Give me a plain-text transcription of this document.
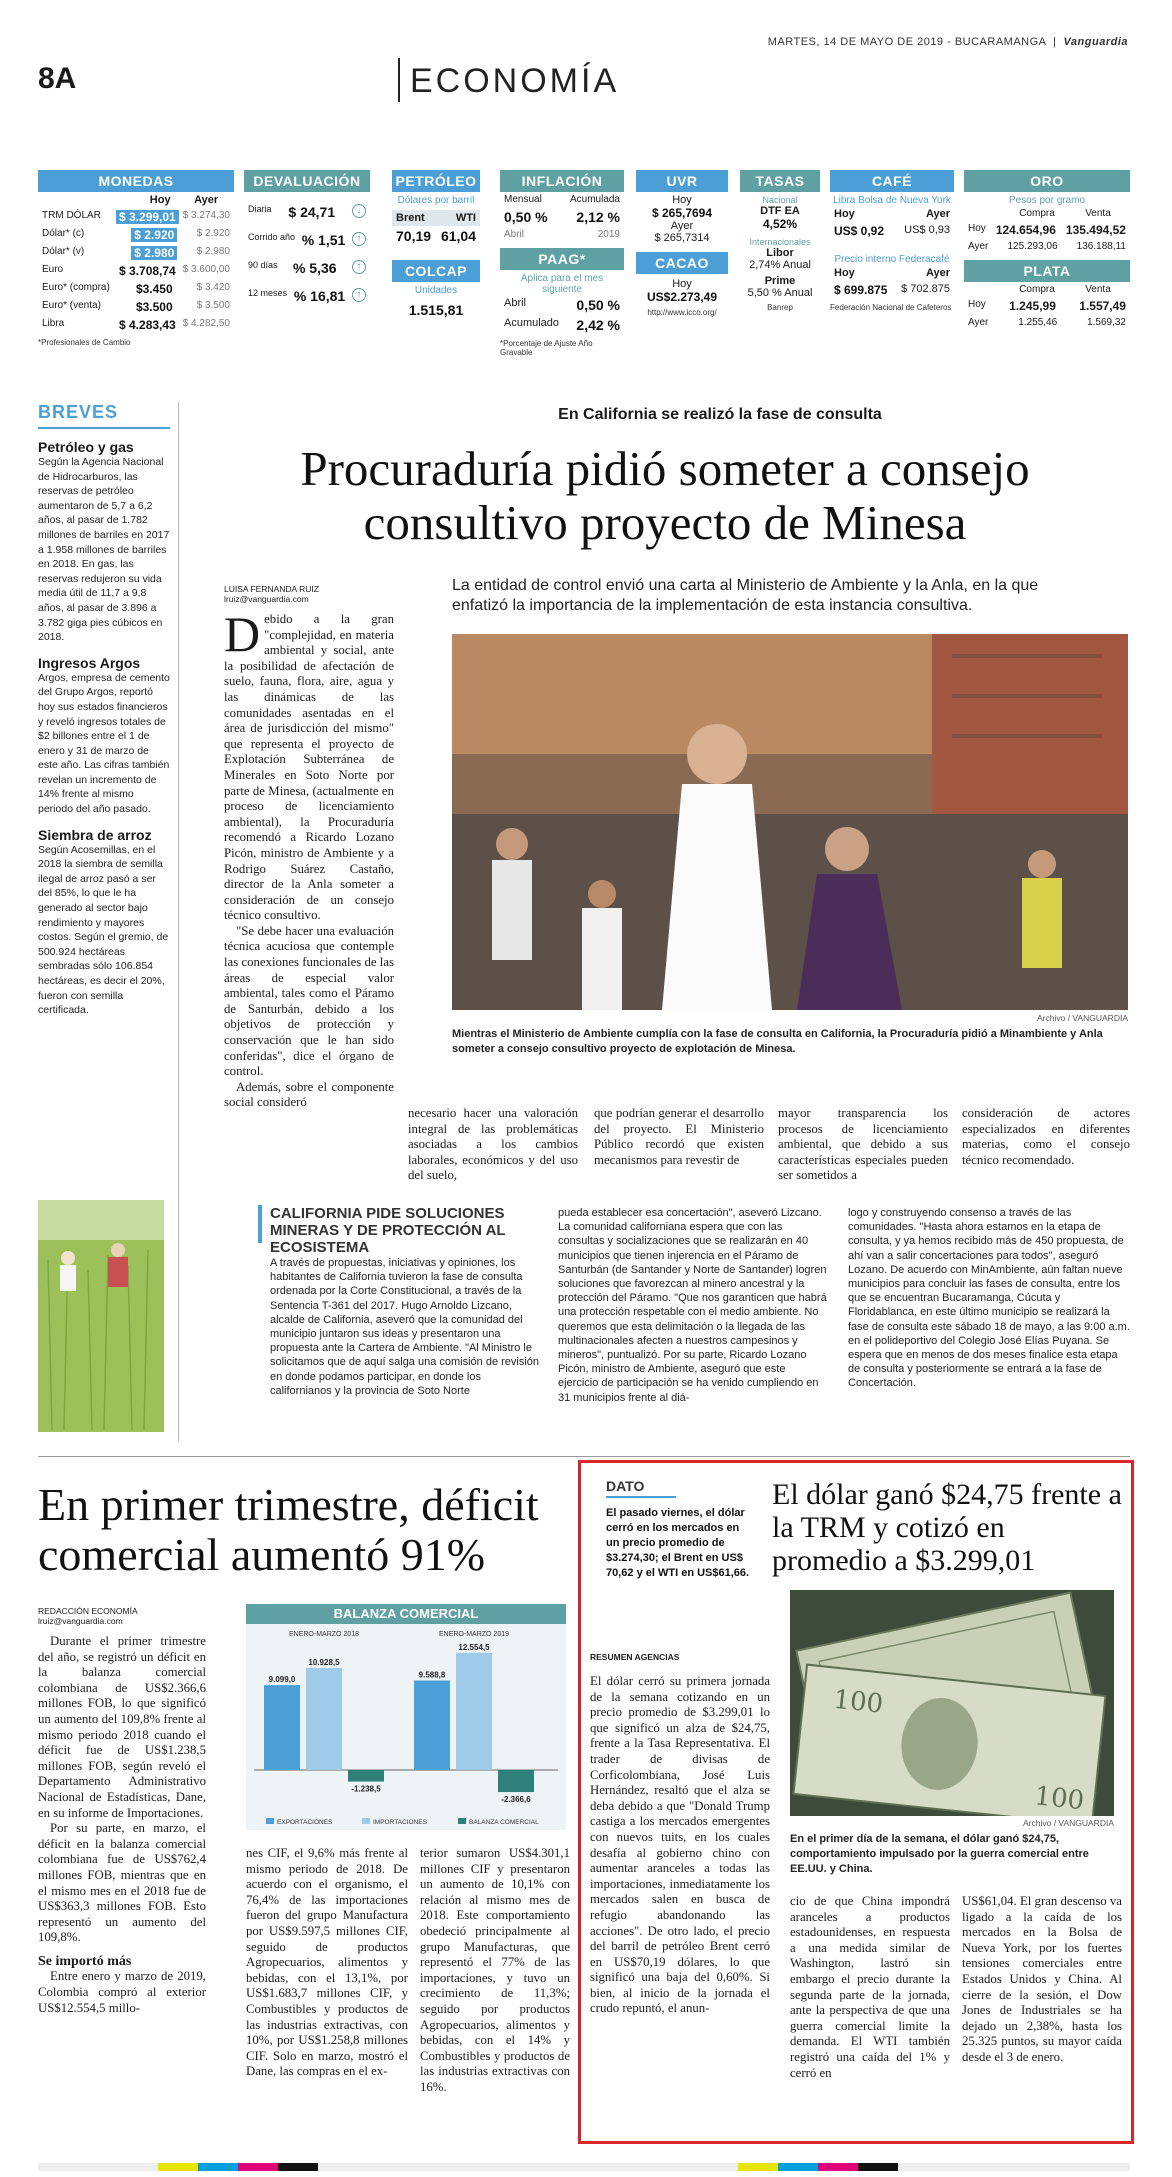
MARTES, 14 DE MAYO DE 2019 - BUCARAMANGA  |  Vanguardia
8A	ECONOMÍA
MONEDAS
Hoy Ayer
TRM DÓLAR	$ 3.299,01 $ 3.274,30
Dólar* (c)	$ 2.920	$ 2.920
Dólar* (v)	$ 2.980	$ 2.980
Euro	$ 3.708,74 $ 3.600,00
Euro* (compra) $3.450 $ 3.420
Euro* (venta)	$3.500 $ 3.500
Libra	$ 4.283,43 $ 4.282,50
*Profesionales de Cambio
DEVALUACIÓN
Diaria $ 24,71	↓
Corrido año % 1,51	↑
90 días % 5,36	↑
12 meses % 16,81	↑
PETRÓLEO
Dólares por barril
Brent	WTI
70,19 61,04
COLCAP
Unidades
1.515,81
INFLACIÓN
Mensual	Acumulada
0,50 % 2,12 %
Abril	2019
PAAG*
Aplica para el mes siguiente
Abril	0,50 %
Acumulado 2,42 %
*Porcentaje de Ajuste Año Gravable
UVR
Hoy
$ 265,7694
Ayer
$ 265,7314
CACAO
Hoy
US$2.273,49
http://www.icco.org/
TASAS
Nacional
DTF EA
4,52%
Internacionales
Libor
2,74% Anual
Prime
5,50 % Anual
Banrep
CAFÉ
Libra Bolsa de Nueva York
Hoy	Ayer
US$ 0,92 US$ 0,93
Precio interno Federacafé
Hoy	Ayer
$ 699.875 $ 702.875
Federación Nacional de Cafeteros
ORO
Pesos por gramo
Compra	Venta
Hoy 124.654,96 135.494,52
Ayer 125.293,06 136.188,11
PLATA
Compra	Venta
Hoy 1.245,99 1.557,49
Ayer	1.255,46	1.569,32
BREVES
Petróleo y gas
Según la Agencia Nacional de Hidrocarburos, las reservas de petróleo aumentaron de 5,7 a 6,2 años, al pasar de 1.782 millones de barriles en 2017 a 1.958 millones de barriles en 2018. En gas, las reservas redujeron su vida media útil de 11,7 a 9,8 años, al pasar de 3.896 a 3.782 giga pies cúbicos en 2018.
Ingresos Argos
Argos, empresa de cemento del Grupo Argos, reportó hoy sus estados financieros y reveló ingresos totales de $2 billones entre el 1 de enero y 31 de marzo de este año. Las cifras también revelan un incremento de 14% frente al mismo periodo del año pasado.
Siembra de arroz
Según Acosemillas, en el 2018 la siembra de semilla ilegal de arroz pasó a ser del 85%, lo que le ha generado al sector bajo rendimiento y mayores costos. Según el gremio, de 500.924 hectáreas sembradas sólo 106.854 hectáreas, es decir el 20%, fueron con semilla certificada.
En California se realizó la fase de consulta
Procuraduría pidió someter a consejo consultivo proyecto de Minesa
LUISA FERNANDA RUIZ
lruiz@vanguardia.com
La entidad de control envió una carta al Ministerio de Ambiente y la Anla, en la que enfatizó la importancia de la implementación de esta instancia consultiva.
Debido a la gran "complejidad, en materia ambiental y social, ante la posibilidad de afectación de suelo, fauna, flora, aire, agua y las dinámicas de las comunidades asentadas en el área de jurisdicción del mismo" que representa el proyecto de Explotación Subterránea de Minerales en Soto Norte por parte de Minesa, (actualmente en proceso de licenciamiento ambiental), la Procuraduría recomendó a Ricardo Lozano Picón, ministro de Ambiente y a Rodrigo Suárez Castaño, director de la Anla someter a consideración de un consejo técnico consultivo.

"Se debe hacer una evaluación técnica acuciosa que contemple las conexiones funcionales de las áreas de especial valor ambiental, tales como el Páramo de Santurbán, debido a los objetivos de protección y conservación que le han sido conferidas", dice el órgano de control.

Además, sobre el componente social consideró

Archivo / VANGUARDIA
Mientras el Ministerio de Ambiente cumplía con la fase de consulta en California, la Procuraduría pidió a Minambiente y Anla someter a consejo consultivo proyecto de explotación de Minesa.
necesario hacer una valoración integral de las problemáticas asociadas a los cambios laborales, económicos y del uso del suelo,
que podrían generar el desarrollo del proyecto. El Ministerio Público recordó que existen mecanismos para revestir de
mayor transparencia los procesos de licenciamiento ambiental, que debido a sus características especiales pueden ser sometidos a
consideración de actores especializados en diferentes materias, como el consejo técnico recomendado.
CALIFORNIA PIDE SOLUCIONES MINERAS Y DE PROTECCIÓN AL ECOSISTEMA
A través de propuestas, iniciativas y opiniones, los habitantes de California tuvieron la fase de consulta ordenada por la Corte Constitucional, a través de la Sentencia T-361 del 2017. Hugo Arnoldo Lizcano, alcalde de California, aseveró que la comunidad del municipio juntaron sus ideas y presentaron una propuesta ante la Cartera de Ambiente. "Al Ministro le solicitamos que de aquí salga una comisión de revisión en donde podamos participar, en donde los californianos y la provincia de Soto Norte
pueda establecer esa concertación", aseveró Lizcano. La comunidad californiana espera que con las consultas y socializaciones que se realizarán en 40 municipios que tienen injerencia en el Páramo de Santurbán (de Santander y Norte de Santander) logren soluciones que favorezcan al minero ancestral y la protección del Páramo. "Que nos garanticen que habrá una protección respetable con el medio ambiente. No queremos que esta delimitación o la llegada de las multinacionales afecten a nuestros campesinos y mineros", puntualizó. Por su parte, Ricardo Lozano Picón, ministro de Ambiente, aseguró que este ejercicio de participación se ha venido cumpliendo en 31 municipios frente al diá-
logo y construyendo consenso a través de las comunidades. "Hasta ahora estamos en la etapa de consulta, y ya hemos recibido más de 450 propuesta, de ahí van a salir concertaciones para todos", aseguró Lozano. De acuerdo con MinAmbiente, aún faltan nueve municipios para concluir las fases de consulta, entre los que se encuentran Bucaramanga, Cúcuta y Floridablanca, en este último municipio se realizará la fase de consulta este sábado 18 de mayo, a las 9:00 a.m. en el polideportivo del Colegio José Elías Puyana. Se espera que en menos de dos meses finalice esta etapa de consulta y posteriormente se entrará a la fase de Concertación.
En primer trimestre, déficit comercial aumentó 91%
REDACCIÓN ECONOMÍA
lruiz@vanguardia.com

Durante el primer trimestre del año, se registró un déficit en la balanza comercial colombiana de US$2.366,6 millones FOB, lo que significó un aumento del 109,8% frente al mismo periodo 2018 cuando el déficit fue de US$1.238,5 millones FOB, según reveló el Departamento Administrativo Nacional de Estadísticas, Dane, en su informe de Importaciones.

Por su parte, en marzo, el déficit en la balanza comercial colombiana fue de US$762,4 millones FOB, mientras que en el mismo mes en el 2018 fue de US$363,3 millones FOB. Esto representó un aumento del 109,8%.

Se importó más

Entre enero y marzo de 2019, Colombia compró al exterior US$12.554,5 millo-

BALANZA COMERCIAL
ENERO-MARZO 2018
9.099,0
10.928,5
-1.238,5
ENERO-MARZO 2019
9.588,8
12.554,5
-2.366,6
EXPORTACIONES	IMPORTACIONES	BALANZA COMERCIAL
nes CIF, el 9,6% más frente al mismo periodo de 2018. De acuerdo con el organismo, el 76,4% de las importaciones fueron del grupo Manufactura por US$9.597,5 millones CIF, seguido de productos Agropecuarios, alimentos y bebidas, con el 13,1%, por US$1.683,7 millones CIF, y Combustibles y productos de las industrias extractivas, con 10%, por US$1.258,8 millones CIF. Solo en marzo, mostró el Dane, las compras en el ex-
terior sumaron US$4.301,1 millones CIF y presentaron un aumento de 10,1% con relación al mismo mes de 2018. Este comportamiento obedeció principalmente al grupo Manufacturas, que representó el 77% de las importaciones, y tuvo un crecimiento de 11,3%; seguido por productos Agropecuarios, alimentos y bebidas, con el 14% y Combustibles y productos de las industrias extractivas con 16%.
DATO
El pasado viernes, el dólar cerró en los mercados en un precio promedio de $3.274,30; el Brent en US$ 70,62 y el WTI en US$61,66.
El dólar ganó $24,75 frente a la TRM y cotizó en promedio a $3.299,01
RESUMEN AGENCIAS
100
100
Archivo / VANGUARDIA
En el primer día de la semana, el dólar ganó $24,75, comportamiento impulsado por la guerra comercial entre EE.UU. y China.
El dólar cerró su primera jornada de la semana cotizando en un precio promedio de $3.299,01 lo que significó un alza de $24,75, frente a la Tasa Representativa. El trader de divisas de Corficolombiana, José Luis Hernández, resaltó que el alza se deba debido a que "Donald Trump castiga a los mercados emergentes con nuevos tuits, en los cuales desafía al gobierno chino con aumentar aranceles a todas las importaciones, inmediatamente los mercados salen en busca de refugio abandonando las acciones". De otro lado, el precio del barril de petróleo Brent cerró en US$70,19 dólares, lo que significó una baja del 0,60%. Si bien, al inicio de la jornada el crudo repuntó, el anun-
cio de que China impondrá aranceles a productos estadounidenses, en respuesta a una medida similar de Washington, lastró sin embargo el precio durante la segunda parte de la jornada, ante la perspectiva de que una guerra comercial limite la demanda. El WTI también registró una caída del 1% y cerró en
US$61,04. El gran descenso va ligado a la caída de los mercados en la Bolsa de Nueva York, por los fuertes tensiones comerciales entre Estados Unidos y China. Al cierre de la sesión, el Dow Jones de Industriales se ha dejado un 2,38%, hasta los 25.325 puntos, su mayor caída desde el 3 de enero.
